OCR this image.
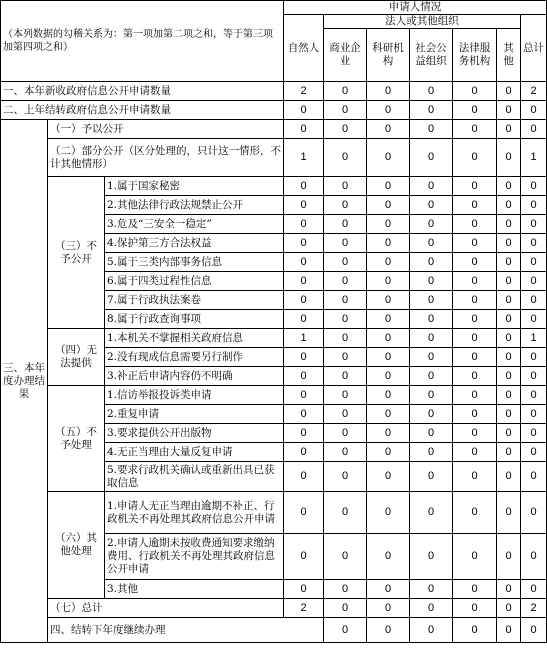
（本列数据的勾稽关系为：第一项加第二项之和，等于第三项加第四项之和）			申请人情况							
			自然人	法人或其他组织					总计	
				商业企业	科研机构	社会公益组织	法律服务机构	其他		
一、本年新收政府信息公开申请数量			2	0	0	0	0	0	2	
二、上年结转政府信息公开申请数量			0	0	0	0	0	0	0	
三、本年度办理结果	（一）予以公开		0	0	0	0	0	0	0	
	（二）部分公开（区分处理的，只计这一情形，不计其他情形）		1	0	0	0	0	0	1	
	（三）不予公开	1.属于国家秘密	0	0	0	0	0	0	0	
		2.其他法律行政法规禁止公开	0	0	0	0	0	0	0	
		3.危及“三安全一稳定”	0	0	0	0	0	0	0	
		4.保护第三方合法权益	0	0	0	0	0	0	0	
		5.属于三类内部事务信息	0	0	0	0	0	0	0	
		6.属于四类过程性信息	0	0	0	0	0	0	0	
		7.属于行政执法案卷	0	0	0	0	0	0	0	
		8.属于行政查询事项	0	0	0	0	0	0	0	
	（四）无法提供	1.本机关不掌握相关政府信息	1	0	0	0	0	0	1	
		2.没有现成信息需要另行制作	0	0	0	0	0	0	0	
		3.补正后申请内容仍不明确	0	0	0	0	0	0	0	
	（五）不予处理	1.信访举报投诉类申请	0	0	0	0	0	0	0	
		2.重复申请	0	0	0	0	0	0	0	
		3.要求提供公开出版物	0	0	0	0	0	0	0	
		4.无正当理由大量反复申请	0	0	0	0	0	0	0	
		5.要求行政机关确认或重新出具已获取信息	0	0	0	0	0	0	0	
	（六）其他处理	1.申请人无正当理由逾期不补正、行政机关不再处理其政府信息公开申请	0	0	0	0	0	0	0	
		2.申请人逾期未按收费通知要求缴纳费用、行政机关不再处理其政府信息公开申请	0	0	0	0	0	0	0	
		3.其他	0	0	0	0	0	0	0	
	（七）总计		2	0	0	0	0	0	2	
	四、结转下年度继续办理			0	0	0	0	0	0	
